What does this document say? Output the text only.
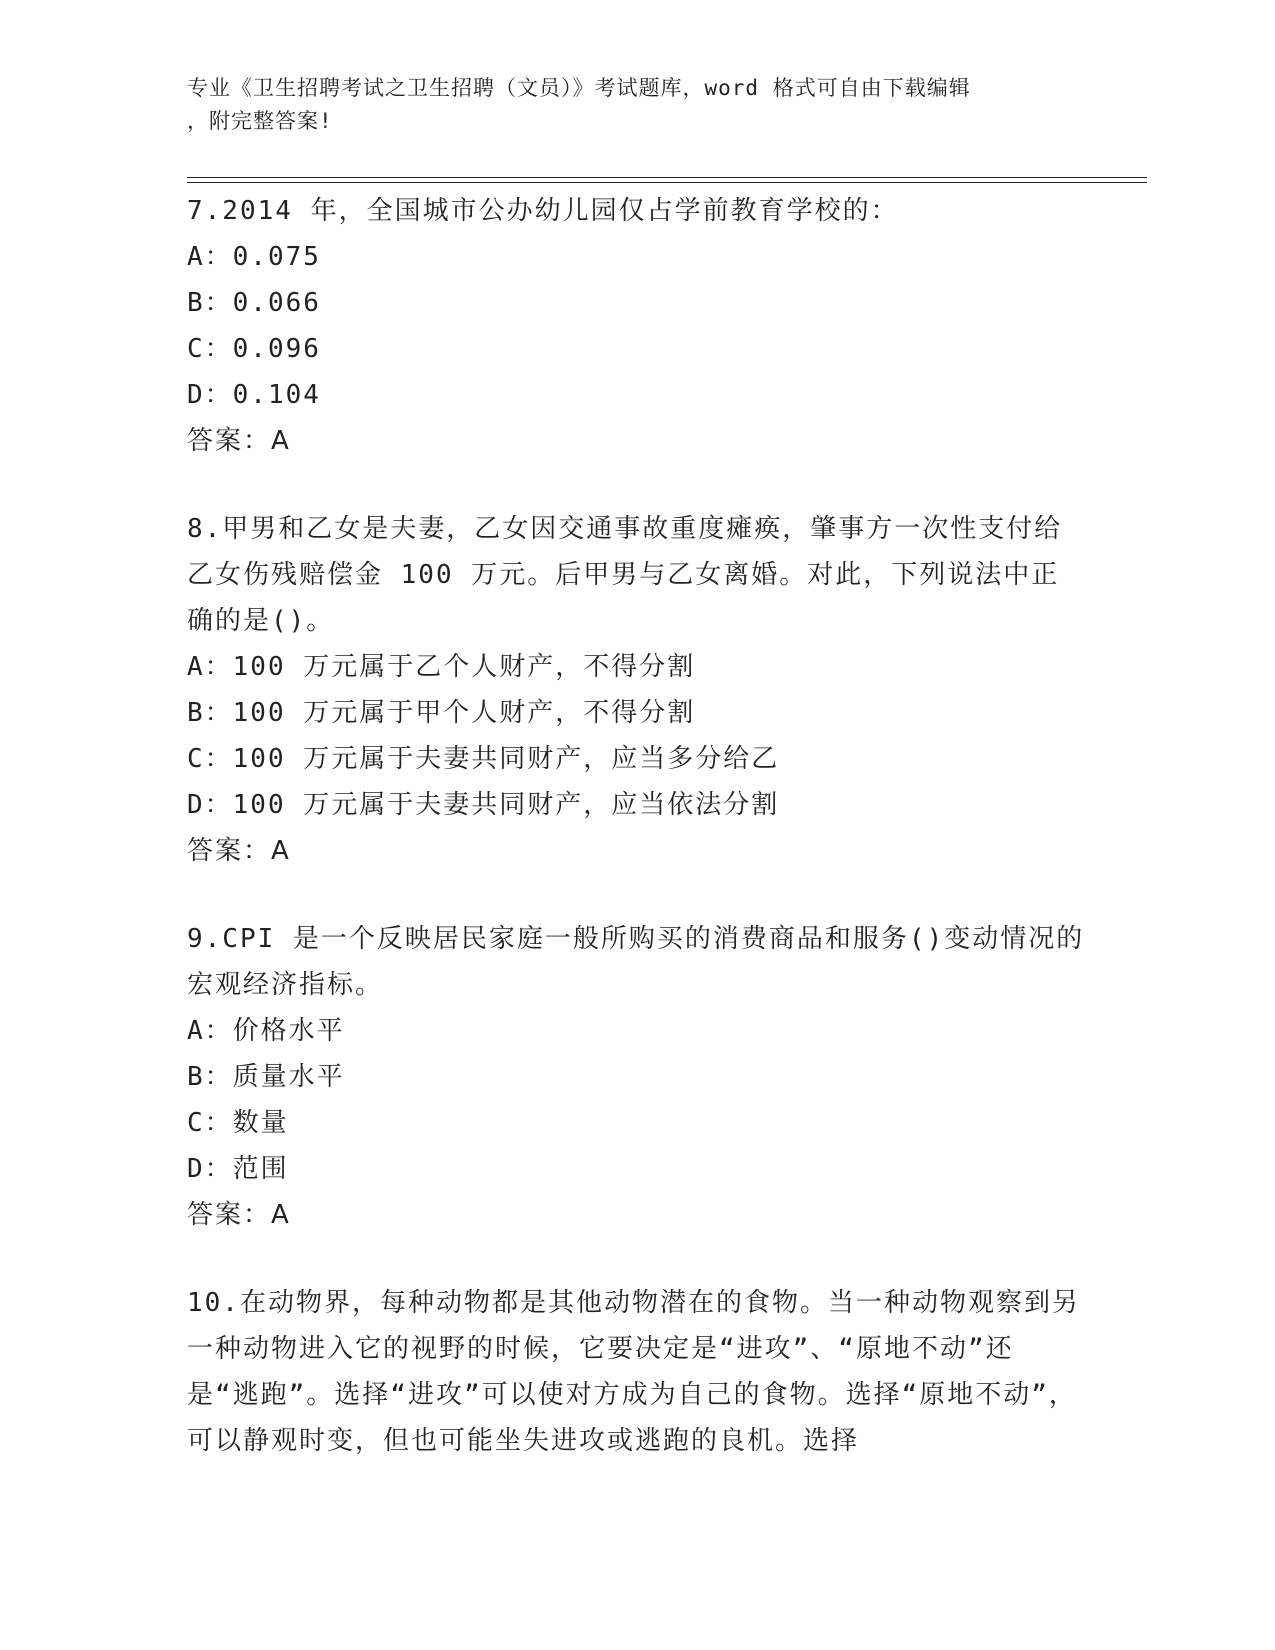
专业《卫生招聘考试之卫生招聘（文员）》考试题库，word 格式可自由下载编辑
，附完整答案!

7.2014 年，全国城市公办幼儿园仅占学前教育学校的：

A：0.075

B：0.066

C：0.096

D：0.104

答案：A

8.甲男和乙女是夫妻，乙女因交通事故重度瘫痪，肇事方一次性支付给乙女伤残赔偿金 100 万元。后甲男与乙女离婚。对此，下列说法中正确的是()。

A：100 万元属于乙个人财产，不得分割

B：100 万元属于甲个人财产，不得分割

C：100 万元属于夫妻共同财产，应当多分给乙

D：100 万元属于夫妻共同财产，应当依法分割

答案：A

9.CPI 是一个反映居民家庭一般所购买的消费商品和服务()变动情况的宏观经济指标。

A：价格水平

B：质量水平

C：数量

D：范围

答案：A

10.在动物界，每种动物都是其他动物潜在的食物。当一种动物观察到另一种动物进入它的视野的时候，它要决定是“进攻”、“原地不动”还是“逃跑”。选择“进攻”可以使对方成为自己的食物。选择“原地不动”，可以静观时变，但也可能坐失进攻或逃跑的良机。选择
